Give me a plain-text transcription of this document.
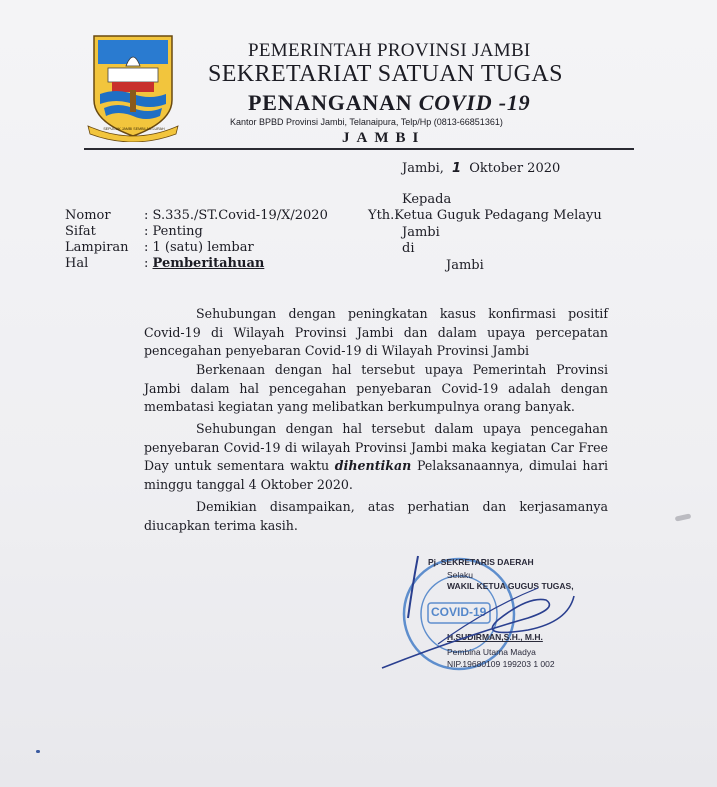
SEPUCUK JAMBI SEMBILAN LURAH
PEMERINTAH PROVINSI JAMBI
SEKRETARIAT SATUAN TUGAS
PENANGANAN COVID -19
Kantor BPBD Provinsi Jambi, Telanaipura, Telp/Hp (0813-66851361)
JAMBI
Jambi, 1 Oktober 2020
Kepada
Yth.Ketua Guguk Pedagang Melayu
Jambi
di
Jambi
Nomor	: S.335./ST.Covid-19/X/2020
Sifat	: Penting
Lampiran : 1 (satu) lembar
Hal	: Pemberitahuan

Sehubungan dengan peningkatan kasus konfirmasi positif Covid-19 di Wilayah Provinsi Jambi dan dalam upaya percepatan pencegahan penyebaran Covid-19 di Wilayah Provinsi Jambi

Berkenaan dengan hal tersebut upaya Pemerintah Provinsi Jambi dalam hal pencegahan penyebaran Covid-19 adalah dengan membatasi kegiatan yang melibatkan berkumpulnya orang banyak.

Sehubungan dengan hal tersebut dalam upaya pencegahan penyebaran Covid-19 di wilayah Provinsi Jambi maka kegiatan Car Free Day untuk sementara waktu dihentikan Pelaksanaannya, dimulai hari minggu tanggal 4 Oktober 2020.

Demikian disampaikan, atas perhatian dan kerjasamanya diucapkan terima kasih.

COVID-19
Pj. SEKRETARIS DAERAH
Selaku
WAKIL KETUA GUGUS TUGAS,
H.SUDIRMAN,S.H., M.H.
Pembina Utama Madya
NIP.19680109 199203 1 002
